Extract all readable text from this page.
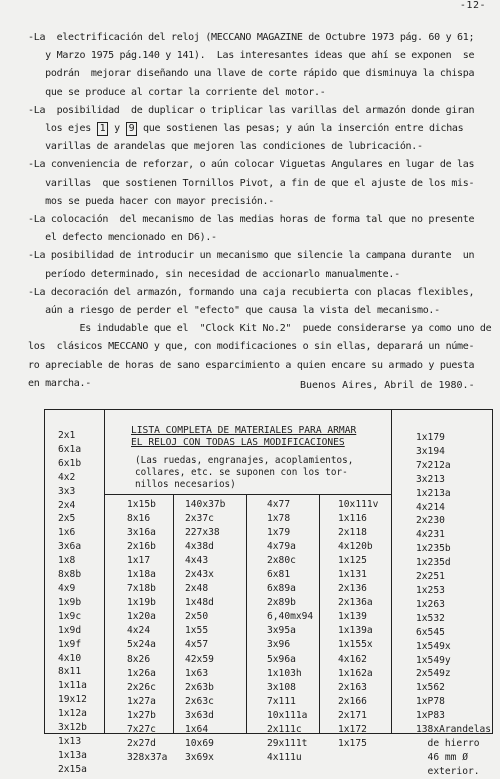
-12-
-La  electrificación del reloj (MECCANO MAGAZINE de Octubre 1973 pág. 60 y 61;
y Marzo 1975 pág.140 y 141).  Las interesantes ideas que ahí se exponen  se
podrán  mejorar diseñando una llave de corte rápido que disminuya la chispa
que se produce al cortar la corriente del motor.-
-La  posibilidad  de duplicar o triplicar las varillas del armazón donde giran
los ejes 1 y 9 que sostienen las pesas; y aún la inserción entre dichas
varillas de arandelas que mejoren las condiciones de lubricación.-
-La conveniencia de reforzar, o aún colocar Viguetas Angulares en lugar de las
varillas  que sostienen Tornillos Pivot, a fin de que el ajuste de los mis-
mos se pueda hacer con mayor precisión.-
-La colocación  del mecanismo de las medias horas de forma tal que no presente
el defecto mencionado en D6).-
-La posibilidad de introducir un mecanismo que silencie la campana durante  un
período determinado, sin necesidad de accionarlo manualmente.-
-La decoración del armazón, formando una caja recubierta con placas flexibles,
aún a riesgo de perder el "efecto" que causa la vista del mecanismo.-
Es indudable que el  "Clock Kit No.2"  puede considerarse ya como uno de
los  clásicos MECCANO y que, con modificaciones o sin ellas, deparará un núme-
ro apreciable de horas de sano esparcimiento a quien encare su armado y puesta
en marcha.-	Buenos Aires, Abril de 1980.-
2x1
6x1a
6x1b
4x2
3x3
2x4
2x5
1x6
3x6a
1x8
8x8b
4x9
1x9b
1x9c
1x9d
1x9f
4x10
8x11
1x11a
19x12
1x12a
3x12b
1x13
1x13a
2x15a
LISTA COMPLETA DE MATERIALES PARA ARMAR
EL RELOJ CON TODAS LAS MODIFICACIONES
(Las ruedas, engranajes, acoplamientos,
collares, etc. se suponen con los tor-
nillos necesarios)
1x15b
8x16
3x16a
2x16b
1x17
1x18a
7x18b
1x19b
1x20a
4x24
5x24a
8x26
1x26a
2x26c
1x27a
1x27b
7x27c
2x27d
328x37a
140x37b
2x37c
227x38
4x38d
4x43
2x43x
2x48
1x48d
2x50
1x55
4x57
42x59
1x63
2x63b
2x63c
3x63d
1x64
10x69
3x69x
4x77
1x78
1x79
4x79a
2x80c
6x81
6x89a
2x89b
6,40mx94
3x95a
3x96
5x96a
1x103h
3x108
7x111
10x111a
2x111c
29x111t
4x111u
10x111v
1x116
2x118
4x120b
1x125
1x131
2x136
2x136a
1x139
1x139a
1x155x
4x162
1x162a
2x163
2x166
2x171
1x172
1x175
1x179
3x194
7x212a
3x213
1x213a
4x214
2x230
4x231
1x235b
1x235d
2x251
1x253
1x263
1x532
6x545
1x549x
1x549y
2x549z
1x562
1xP78
1xP83
138xArandelas
de hierro
46 mm Ø
exterior.
